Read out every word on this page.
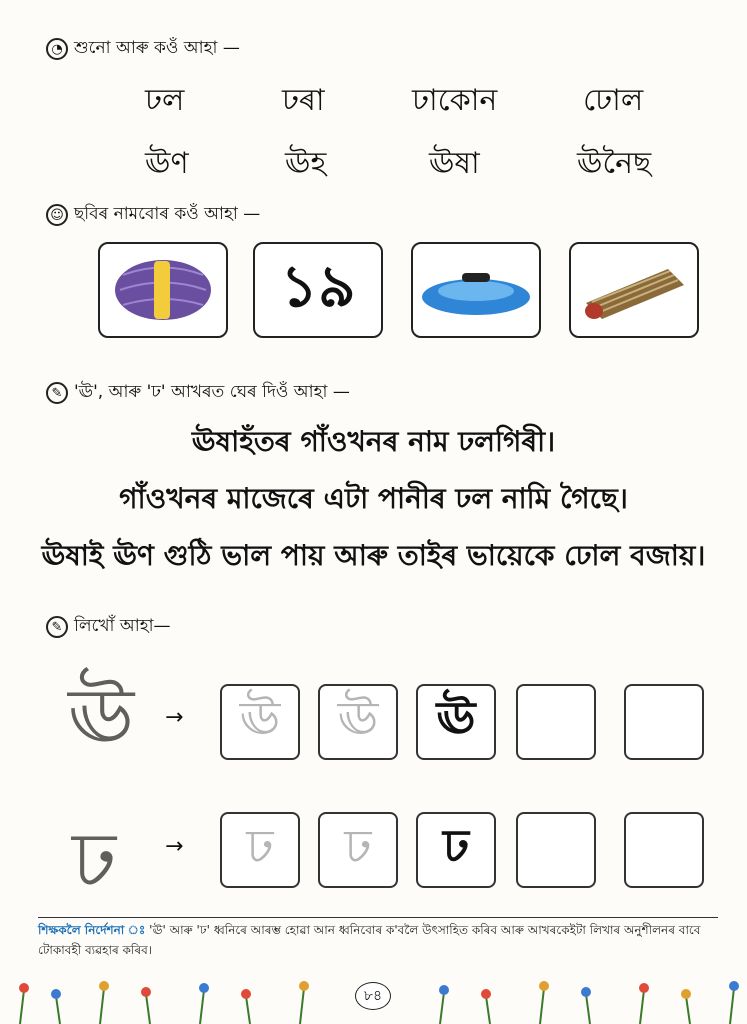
◔ শুনো আৰু কওঁ আহা —
ঢল	ঢৰা	ঢাকোন	ঢোল
ঊণ	ঊহ	ঊষা	ঊনৈছ
☺ ছবিৰ নামবোৰ কওঁ আহা —
১৯
✎ 'ঊ', আৰু 'ঢ' আখৰত ঘেৰ দিওঁ আহা —
ঊষাহঁতৰ গাঁওখনৰ নাম ঢলগিৰী।
গাঁওখনৰ মাজেৰে এটা পানীৰ ঢল নামি গৈছে।
ঊষাই ঊণ গুঠি ভাল পায় আৰু তাইৰ ভায়েকে ঢোল বজায়।
✎ লিখোঁ আহা—
ঊ → ঊ ঊ ঊ
ঢ → ঢ ঢ ঢ
শিক্ষকলৈ নিৰ্দেশনা ঃ 'ঊ' আৰু 'ঢ' ধ্বনিৰে আৰম্ভ হোৱা আন ধ্বনিবোৰ ক'বলৈ উৎসাহিত কৰিব আৰু আখৰকেইটা লিখাৰ অনুশীলনৰ বাবে টোকাবহী ব্যৱহাৰ কৰিব।
৮৪
